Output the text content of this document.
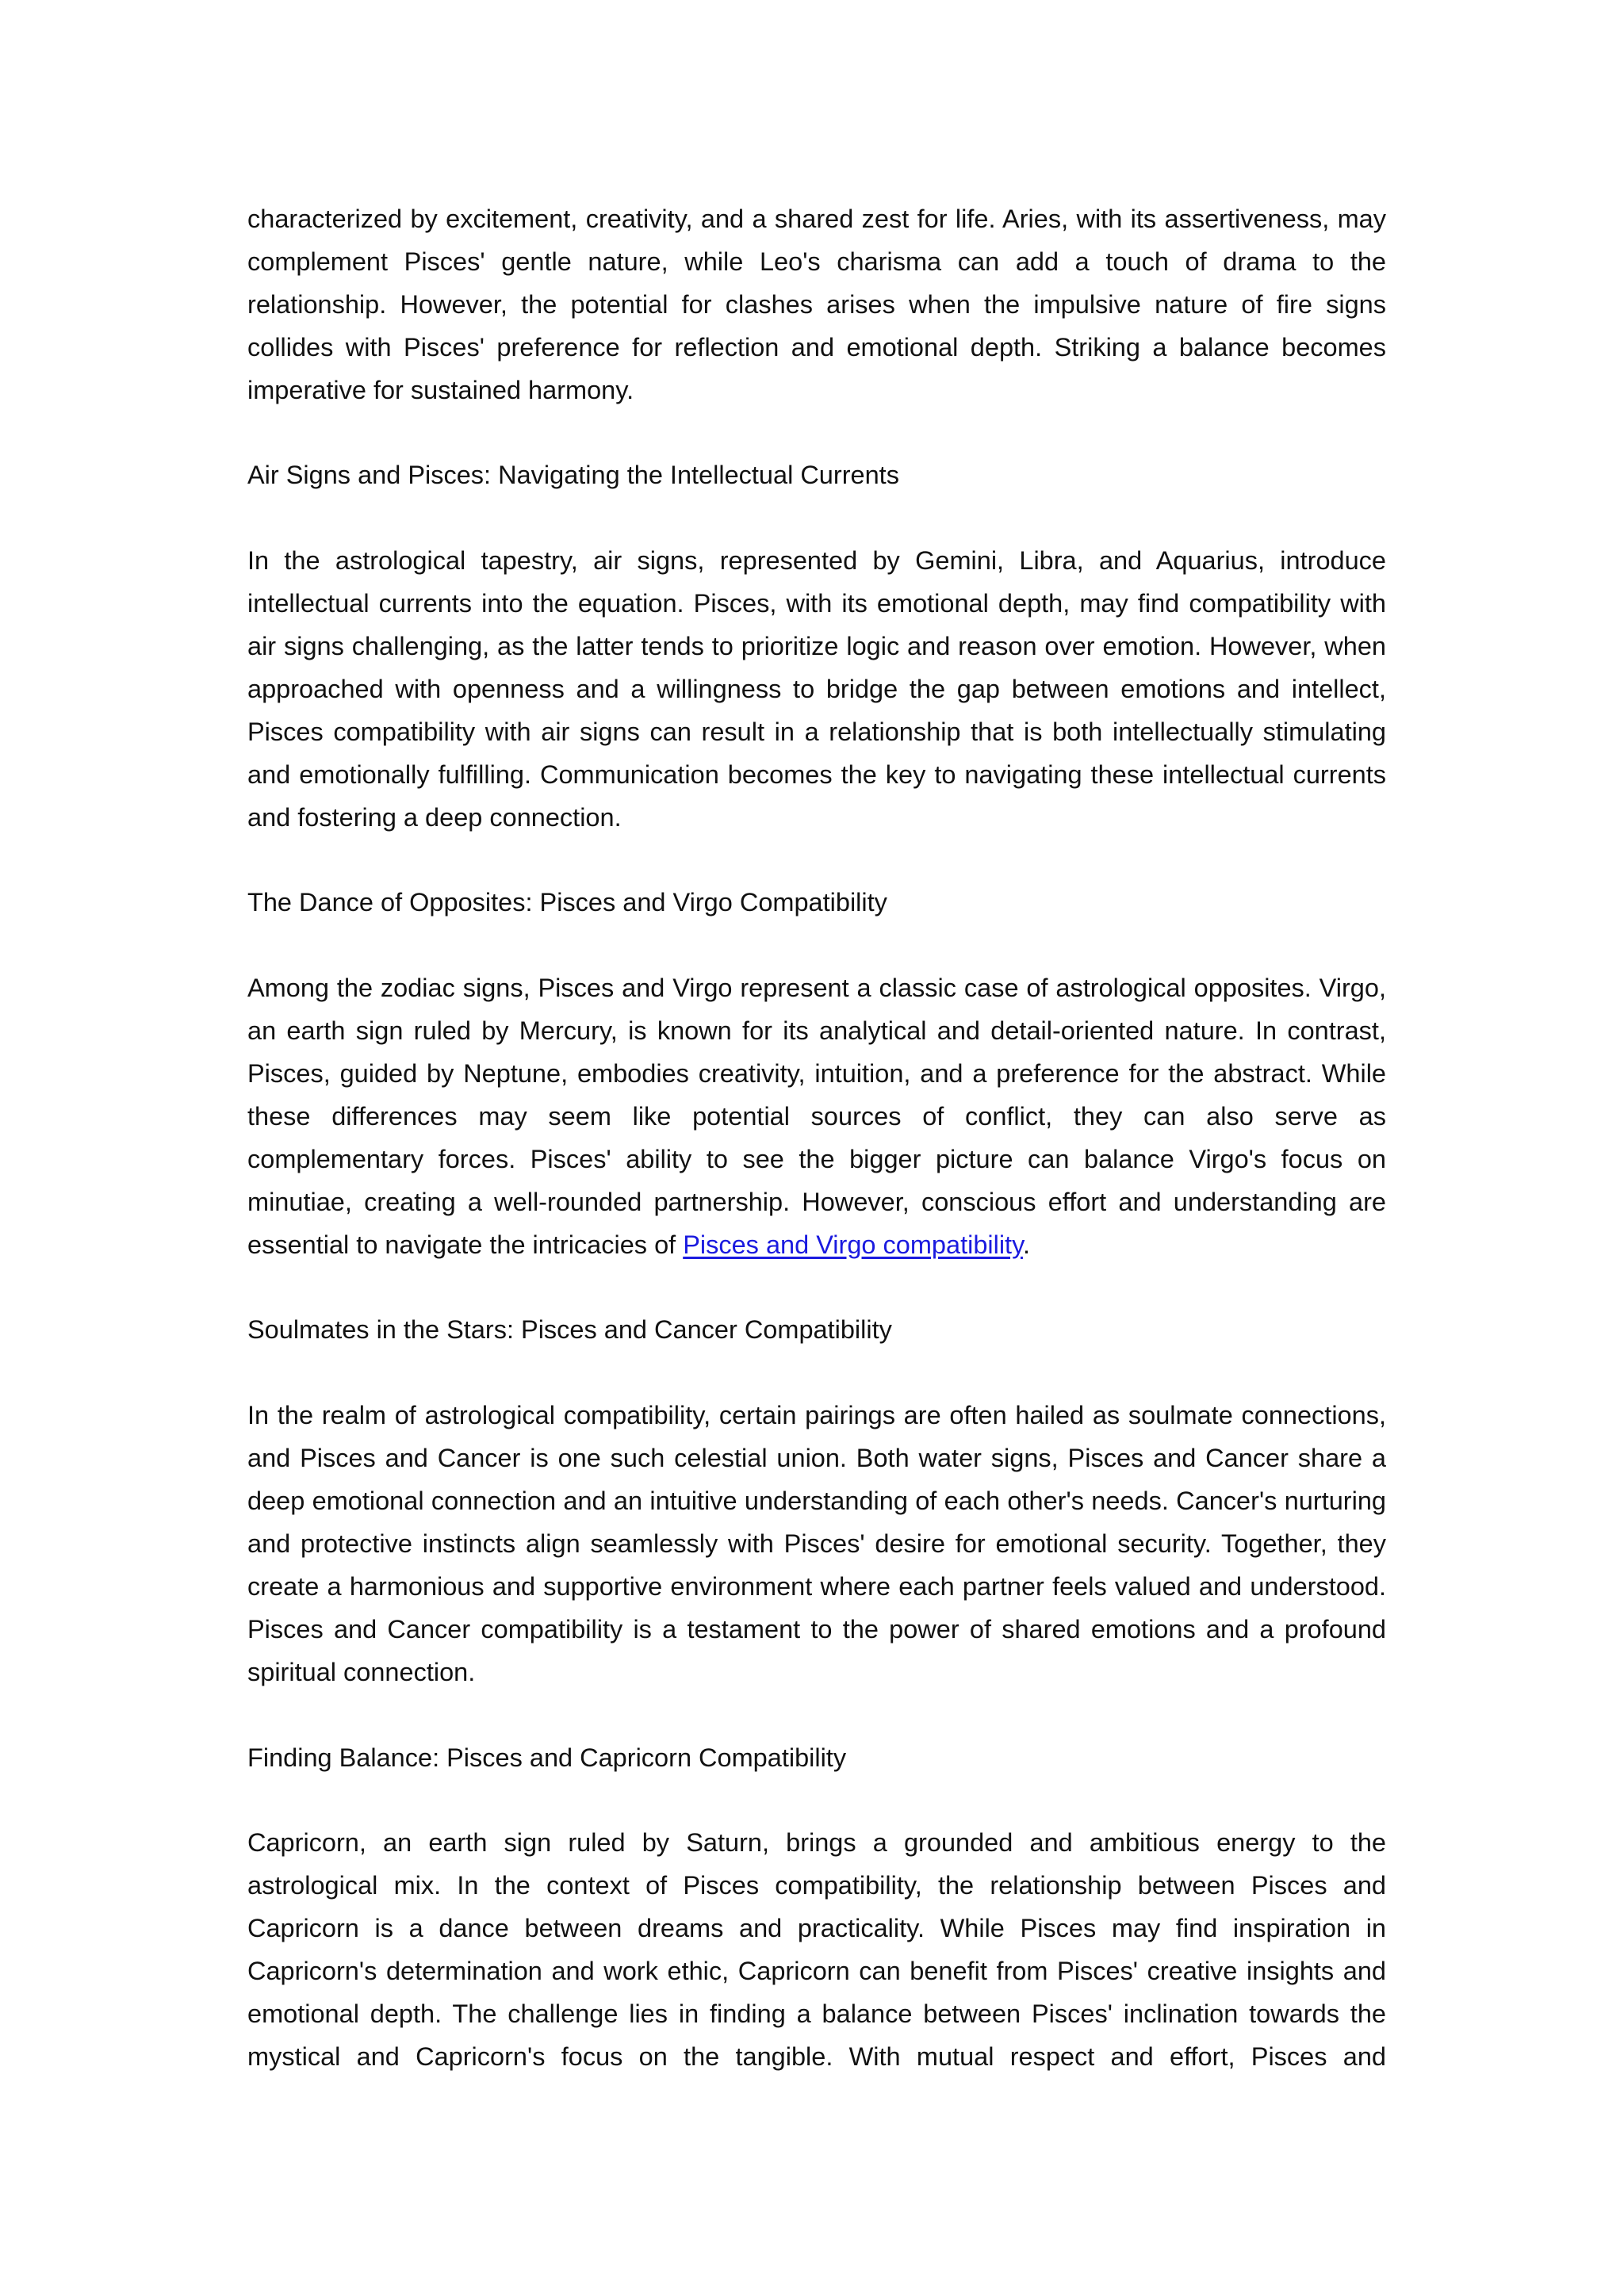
characterized by excitement, creativity, and a shared zest for life. Aries, with its assertiveness, may complement Pisces' gentle nature, while Leo's charisma can add a touch of drama to the relationship. However, the potential for clashes arises when the impulsive nature of fire signs collides with Pisces' preference for reflection and emotional depth. Striking a balance becomes imperative for sustained harmony.

Air Signs and Pisces: Navigating the Intellectual Currents

In the astrological tapestry, air signs, represented by Gemini, Libra, and Aquarius, introduce intellectual currents into the equation. Pisces, with its emotional depth, may find compatibility with air signs challenging, as the latter tends to prioritize logic and reason over emotion. However, when approached with openness and a willingness to bridge the gap between emotions and intellect, Pisces compatibility with air signs can result in a relationship that is both intellectually stimulating and emotionally fulfilling. Communication becomes the key to navigating these intellectual currents and fostering a deep connection.

The Dance of Opposites: Pisces and Virgo Compatibility

Among the zodiac signs, Pisces and Virgo represent a classic case of astrological opposites. Virgo, an earth sign ruled by Mercury, is known for its analytical and detail-oriented nature. In contrast, Pisces, guided by Neptune, embodies creativity, intuition, and a preference for the abstract. While these differences may seem like potential sources of conflict, they can also serve as complementary forces. Pisces' ability to see the bigger picture can balance Virgo's focus on minutiae, creating a well-rounded partnership. However, conscious effort and understanding are essential to navigate the intricacies of Pisces and Virgo compatibility.

Soulmates in the Stars: Pisces and Cancer Compatibility

In the realm of astrological compatibility, certain pairings are often hailed as soulmate connections, and Pisces and Cancer is one such celestial union. Both water signs, Pisces and Cancer share a deep emotional connection and an intuitive understanding of each other's needs. Cancer's nurturing and protective instincts align seamlessly with Pisces' desire for emotional security. Together, they create a harmonious and supportive environment where each partner feels valued and understood. Pisces and Cancer compatibility is a testament to the power of shared emotions and a profound spiritual connection.

Finding Balance: Pisces and Capricorn Compatibility

Capricorn, an earth sign ruled by Saturn, brings a grounded and ambitious energy to the astrological mix. In the context of Pisces compatibility, the relationship between Pisces and Capricorn is a dance between dreams and practicality. While Pisces may find inspiration in Capricorn's determination and work ethic, Capricorn can benefit from Pisces' creative insights and emotional depth. The challenge lies in finding a balance between Pisces' inclination towards the mystical and Capricorn's focus on the tangible. With mutual respect and effort, Pisces and
